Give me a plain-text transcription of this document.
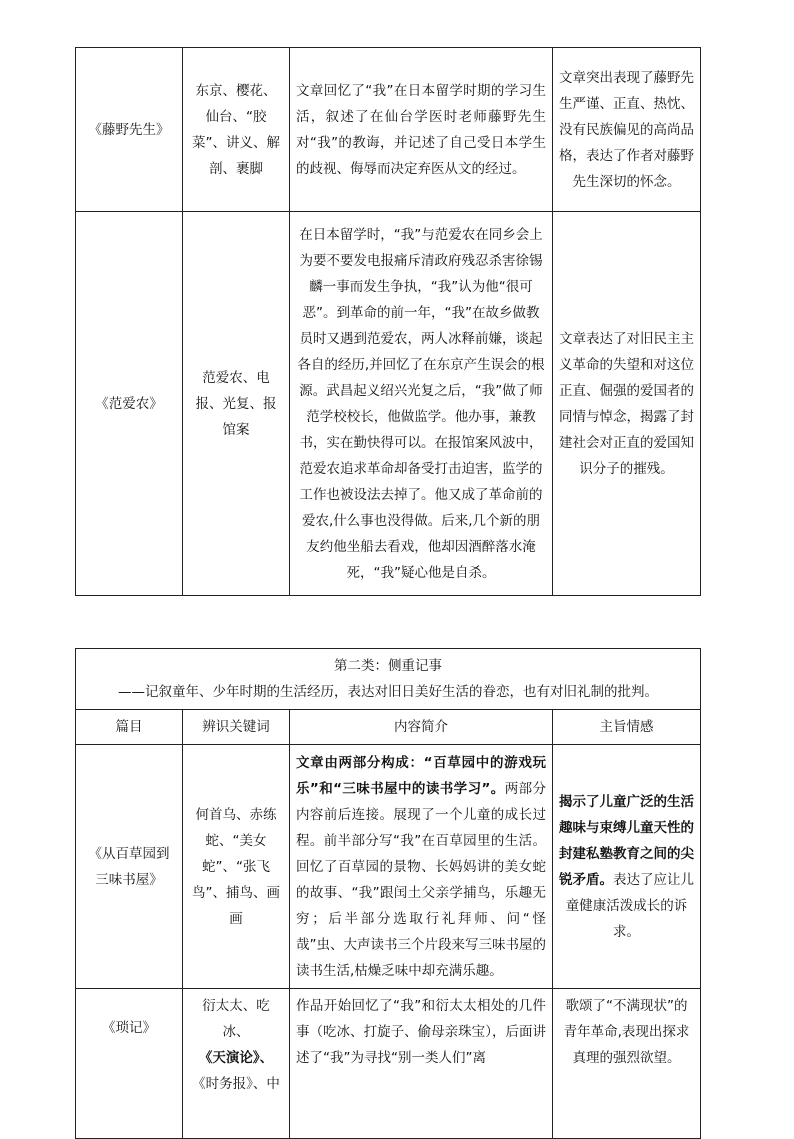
《藤野先生》	东京、樱花、仙台、“胶菜”、讲义、解剖、裹脚	文章回忆了“我”在日本留学时期的学习生活，叙述了在仙台学医时老师藤野先生对“我”的教诲，并记述了自己受日本学生的歧视、侮辱而决定弃医从文的经过。	文章突出表现了藤野先生严谨、正直、热忱、没有民族偏见的高尚品格，表达了作者对藤野先生深切的怀念。
《范爱农》	范爱农、电报、光复、报馆案	在日本留学时，“我”与范爱农在同乡会上为要不要发电报痛斥清政府残忍杀害徐锡麟一事而发生争执，“我”认为他“很可恶”。到革命的前一年，“我”在故乡做教员时又遇到范爱农，两人冰释前嫌，谈起各自的经历,并回忆了在东京产生误会的根源。武昌起义绍兴光复之后，“我”做了师范学校校长，他做监学。他办事，兼教书，实在勤快得可以。在报馆案风波中，范爱农追求革命却备受打击迫害，监学的工作也被设法去掉了。他又成了革命前的爱农,什么事也没得做。后来,几个新的朋友约他坐船去看戏，他却因酒醉落水淹死，“我”疑心他是自杀。	文章表达了对旧民主主义革命的失望和对这位正直、倔强的爱国者的同情与悼念，揭露了封建社会对正直的爱国知识分子的摧残。
第二类：侧重记事
——记叙童年、少年时期的生活经历，表达对旧日美好生活的眷恋，也有对旧礼制的批判。			

篇目	辨识关键词	内容简介	主旨情感
《从百草园到三味书屋》	何首乌、赤练蛇、“美女蛇”、“张飞鸟”、捕鸟、画画	文章由两部分构成：“百草园中的游戏玩乐”和“三味书屋中的读书学习”。两部分内容前后连接。展现了一个儿童的成长过程。前半部分写“我”在百草园里的生活。回忆了百草园的景物、长妈妈讲的美女蛇的故事、“我”跟闰土父亲学捕鸟，乐趣无穷；后半部分选取行礼拜师、问“怪哉”虫、大声读书三个片段来写三味书屋的读书生活,枯燥乏味中却充满乐趣。	揭示了儿童广泛的生活趣味与束缚儿童天性的封建私塾教育之间的尖锐矛盾。表达了应让儿童健康活泼成长的诉求。
《琐记》	衍太太、吃冰、
《天演论》、
《时务报》、中	作品开始回忆了“我”和衍太太相处的几件事（吃冰、打旋子、偷母亲珠宝），后面讲述了“我”为寻找“别一类人们”离	歌颂了“不满现状”的青年革命,表现出探求真理的强烈欲望。
